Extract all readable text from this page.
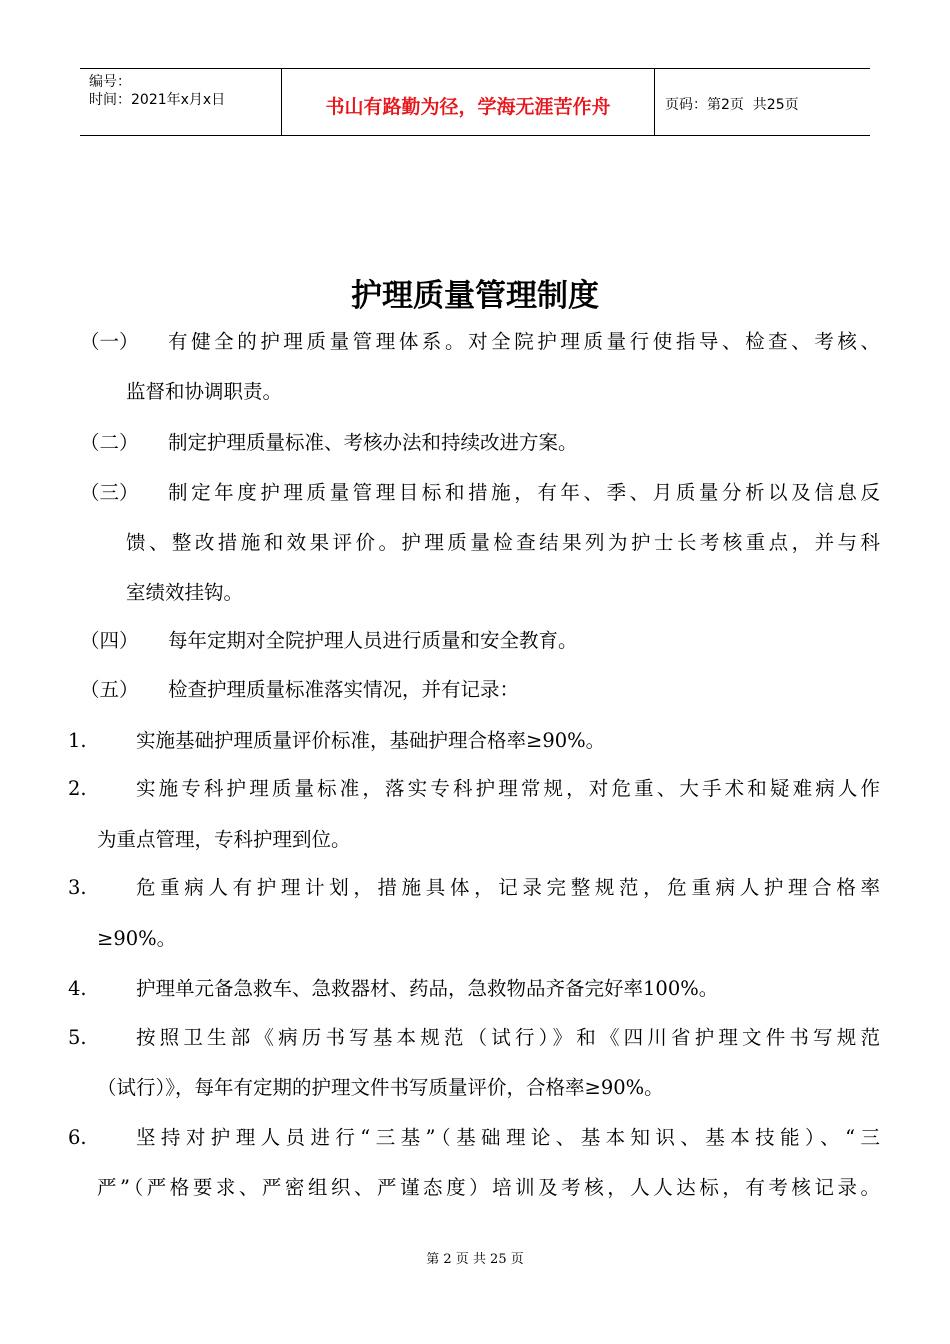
编号：
时间：2021年x月x日	书山有路勤为径，学海无涯苦作舟	页码：第2页  共25页
护理质量管理制度
（一） 有健全的护理质量管理体系。对全院护理质量行使指导、检查、考核、
监督和协调职责。
（二） 制定护理质量标准、考核办法和持续改进方案。
（三） 制定年度护理质量管理目标和措施，有年、季、月质量分析以及信息反
馈、整改措施和效果评价。护理质量检查结果列为护士长考核重点，并与科
室绩效挂钩。
（四） 每年定期对全院护理人员进行质量和安全教育。
（五） 检查护理质量标准落实情况，并有记录：
1.	实施基础护理质量评价标准，基础护理合格率≥90%。
2.	实施专科护理质量标准，落实专科护理常规，对危重、大手术和疑难病人作
为重点管理，专科护理到位。
3.	危重病人有护理计划，措施具体，记录完整规范，危重病人护理合格率
≥90%。
4.	护理单元备急救车、急救器材、药品，急救物品齐备完好率100%。
5.	按照卫生部《病历书写基本规范（试行）》和《四川省护理文件书写规范
（试行）》，每年有定期的护理文件书写质量评价，合格率≥90%。
6.	坚持对护理人员进行“三基”（基础理论、基本知识、基本技能）、“三
严”（严格要求、严密组织、严谨态度）培训及考核，人人达标，有考核记录。
第 2 页 共 25 页
